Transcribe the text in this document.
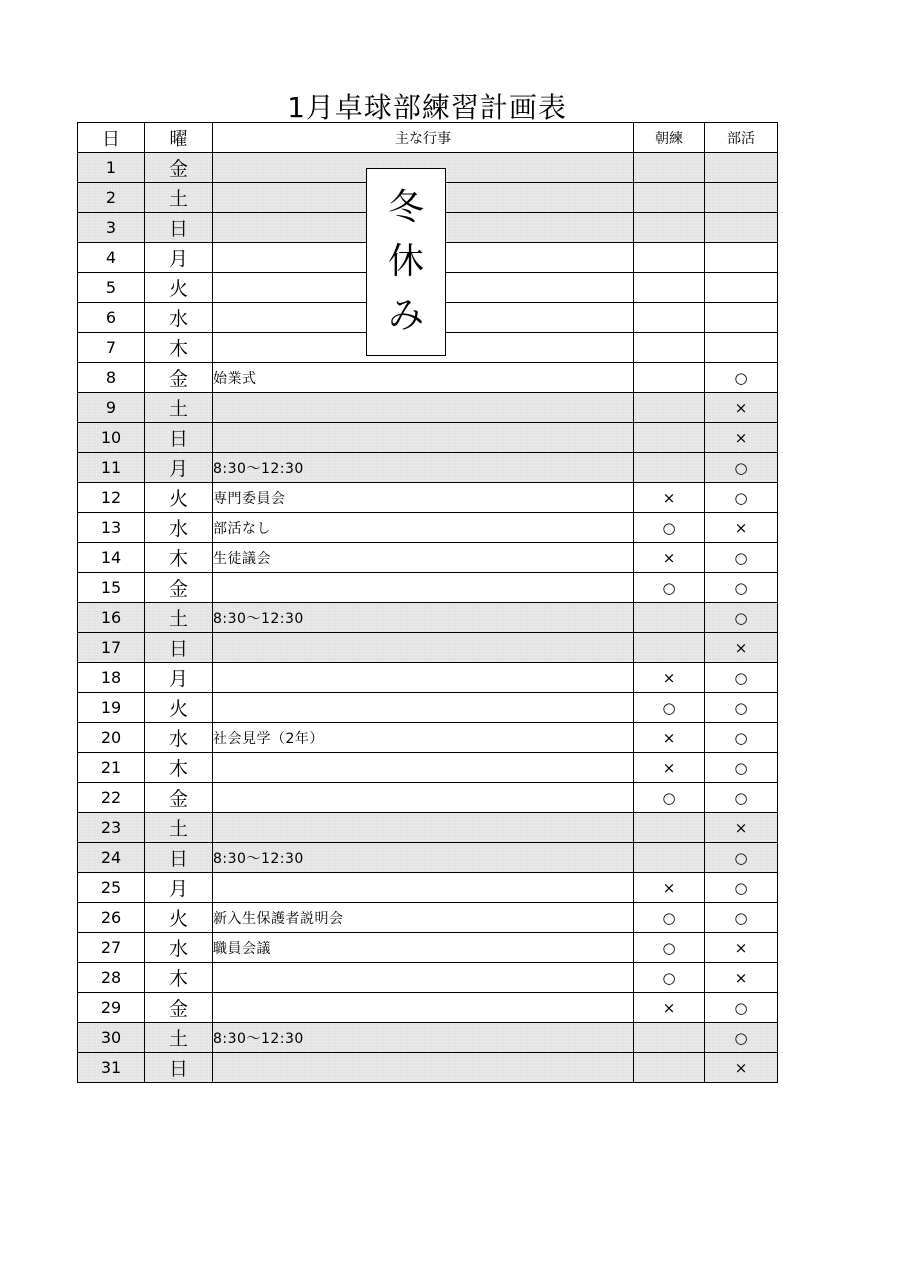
1月卓球部練習計画表
日	曜	主な行事	朝練	部活
1	金			
2	土			
3	日			
4	月			
5	火			
6	水			
7	木			
8	金	始業式		○
9	土			×
10	日			×
11	月	8:30～12:30		○
12	火	専門委員会	×	○
13	水	部活なし	○	×
14	木	生徒議会	×	○
15	金		○	○
16	土	8:30～12:30		○
17	日			×
18	月		×	○
19	火		○	○
20	水	社会見学（2年）	×	○
21	木		×	○
22	金		○	○
23	土			×
24	日	8:30～12:30		○
25	月		×	○
26	火	新入生保護者説明会	○	○
27	水	職員会議	○	×
28	木		○	×
29	金		×	○
30	土	8:30～12:30		○
31	日			×
冬
休
み
